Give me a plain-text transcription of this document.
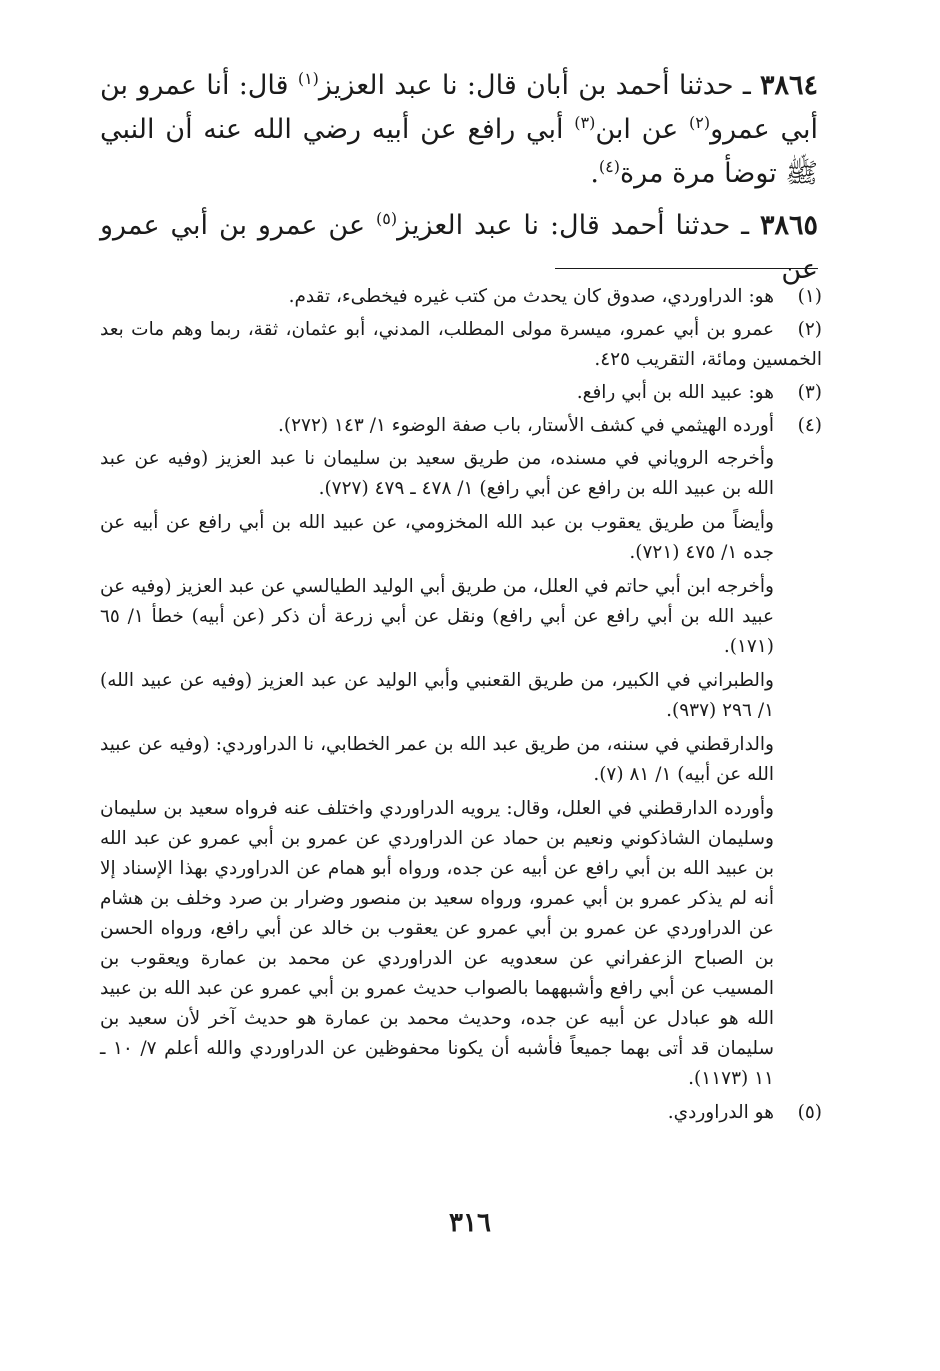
٣٨٦٤ ـ حدثنا أحمد بن أبان قال: نا عبد العزيز$^{(١)}$ قال: أنا عمرو بن أبي عمرو$^{(٢)}$ عن ابن$^{(٣)}$ أبي رافع عن أبيه رضي الله عنه أن النبي ﷺ توضأ مرة مرة$^{(٤)}$.

٣٨٦٥ ـ حدثنا أحمد قال: نا عبد العزيز$^{(٥)}$ عن عمرو بن أبي عمرو عن

(١)هو: الدراوردي، صدوق كان يحدث من كتب غيره فيخطىء، تقدم.
(٢)عمرو بن أبي عمرو، ميسرة مولى المطلب، المدني، أبو عثمان، ثقة، ربما وهم مات بعد الخمسين ومائة، التقريب ٤٢٥.
(٣)هو: عبيد الله بن أبي رافع.
(٤)أورده الهيثمي في كشف الأستار، باب صفة الوضوء ١/ ١٤٣ (٢٧٢).
وأخرجه الروياني في مسنده، من طريق سعيد بن سليمان نا عبد العزيز (وفيه عن عبد الله بن عبيد الله بن رافع عن أبي رافع) ١/ ٤٧٨ ـ ٤٧٩ (٧٢٧).
وأيضاً من طريق يعقوب بن عبد الله المخزومي، عن عبيد الله بن أبي رافع عن أبيه عن جده ١/ ٤٧٥ (٧٢١).
وأخرجه ابن أبي حاتم في العلل، من طريق أبي الوليد الطيالسي عن عبد العزيز (وفيه عن عبيد الله بن أبي رافع عن أبي رافع) ونقل عن أبي زرعة أن ذكر (عن أبيه) خطأ ١/ ٦٥ (١٧١).
والطبراني في الكبير، من طريق القعنبي وأبي الوليد عن عبد العزيز (وفيه عن عبيد الله) ١/ ٢٩٦ (٩٣٧).
والدارقطني في سننه، من طريق عبد الله بن عمر الخطابي، نا الدراوردي: (وفيه عن عبيد الله عن أبيه) ١/ ٨١ (٧).
وأورده الدارقطني في العلل، وقال: يرويه الدراوردي واختلف عنه فرواه سعيد بن سليمان وسليمان الشاذكوني ونعيم بن حماد عن الدراوردي عن عمرو بن أبي عمرو عن عبد الله بن عبيد الله بن أبي رافع عن أبيه عن جده، ورواه أبو همام عن الدراوردي بهذا الإسناد إلا أنه لم يذكر عمرو بن أبي عمرو، ورواه سعيد بن منصور وضرار بن صرد وخلف بن هشام عن الدراوردي عن عمرو بن أبي عمرو عن يعقوب بن خالد عن أبي رافع، ورواه الحسن بن الصباح الزعفراني عن سعدويه عن الدراوردي عن محمد بن عمارة ويعقوب بن المسيب عن أبي رافع وأشبههما بالصواب حديث عمرو بن أبي عمرو عن عبد الله بن عبيد الله هو عبادل عن أبيه عن جده، وحديث محمد بن عمارة هو حديث آخر لأن سعيد بن سليمان قد أتى بهما جميعاً فأشبه أن يكونا محفوظين عن الدراوردي والله أعلم ٧/ ١٠ ـ ١١ (١١٧٣).
(٥)هو الدراوردي.
٣١٦
